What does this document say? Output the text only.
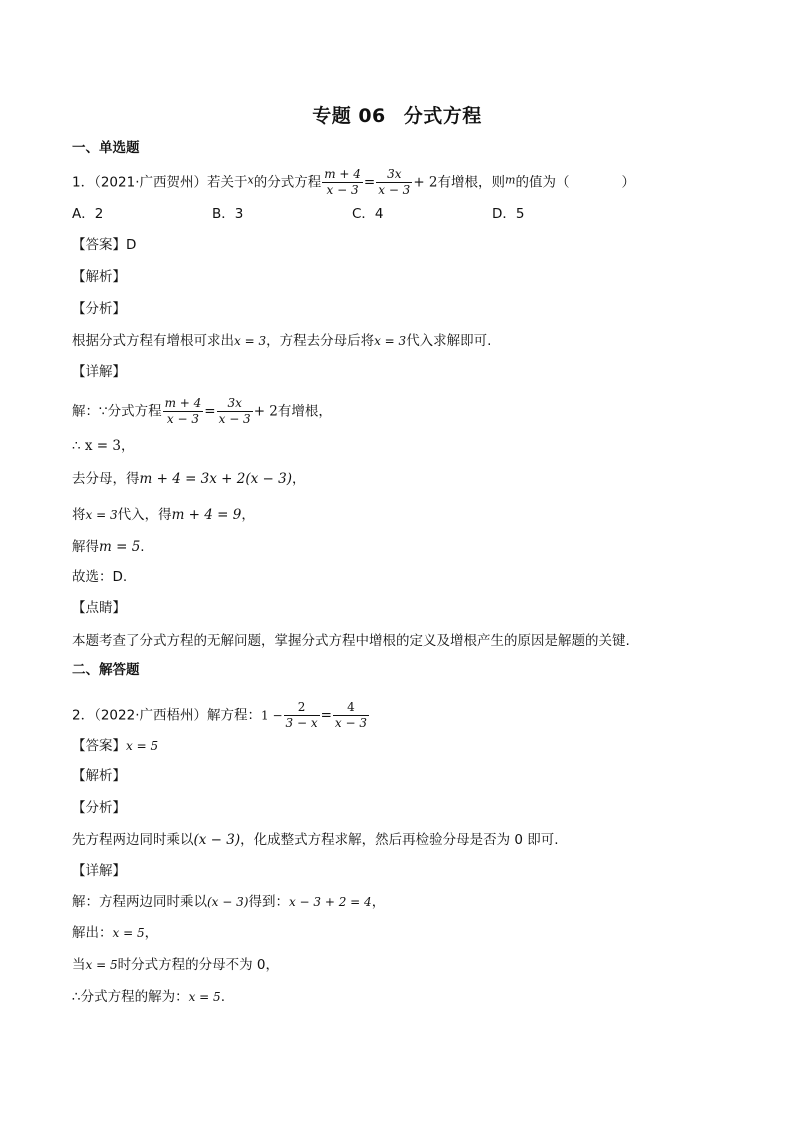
专题 06 分式方程
一、单选题
1．（2021·广西贺州）若关于$^x$的分式方程 $\frac{m + 4}{x - 3} = \frac{3x}{x - 3} + 2$有增根，则$^m$的值为（	）
A．2	B．3	C．4	D．5
【答案】D
【解析】
【分析】
根据分式方程有增根可求出x = 3，方程去分母后将x = 3代入求解即可.
【详解】
解：∵分式方程 $\frac{m + 4}{x - 3} = \frac{3x}{x - 3} + 2$有增根，
∴ x = 3，
去分母，得m + 4 = 3x + 2(x − 3)，
将x = 3代入，得m + 4 = 9，
解得m = 5.
故选：D.
【点睛】
本题考查了分式方程的无解问题，掌握分式方程中增根的定义及增根产生的原因是解题的关键.
二、解答题
2．（2022·广西梧州）解方程：$1 - \frac{2}{3 - x} = \frac{4}{x - 3}$
【答案】x = 5
【解析】
【分析】
先方程两边同时乘以(x − 3)，化成整式方程求解，然后再检验分母是否为 0 即可.
【详解】
解：方程两边同时乘以(x − 3)得到：x − 3 + 2 = 4，
解出：x = 5，
当x = 5时分式方程的分母不为 0，
∴分式方程的解为：x = 5.
